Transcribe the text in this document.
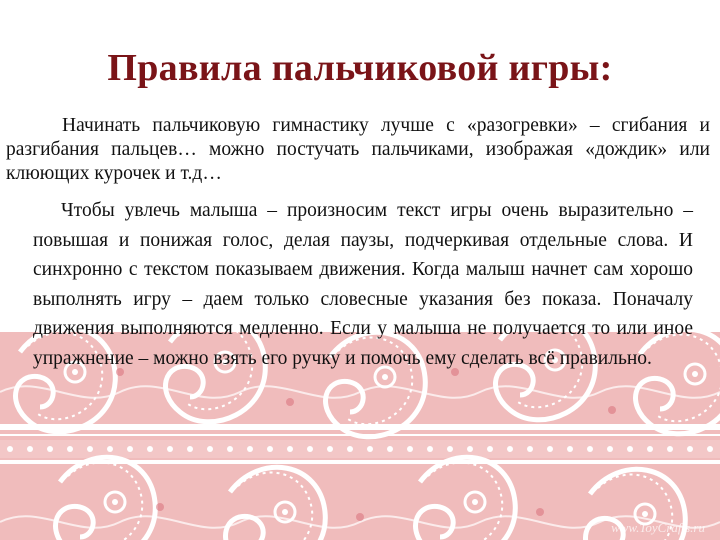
www.ToyCrafts.ru
Правила пальчиковой игры:

Начинать пальчиковую гимнастику лучше с «разогревки» – сгибания и разгибания пальцев… можно постучать пальчиками, изображая «дождик» или клюющих курочек и т.д…

Чтобы увлечь малыша – произносим текст игры очень выразительно – повышая и понижая голос, делая паузы, подчеркивая отдельные слова. И синхронно с текстом показываем движения. Когда малыш начнет сам хорошо выполнять игру – даем только словесные указания без показа. Поначалу движения выполняются медленно. Если у малыша не получается то или иное упражнение – можно взять его ручку и помочь ему сделать всё правильно.
